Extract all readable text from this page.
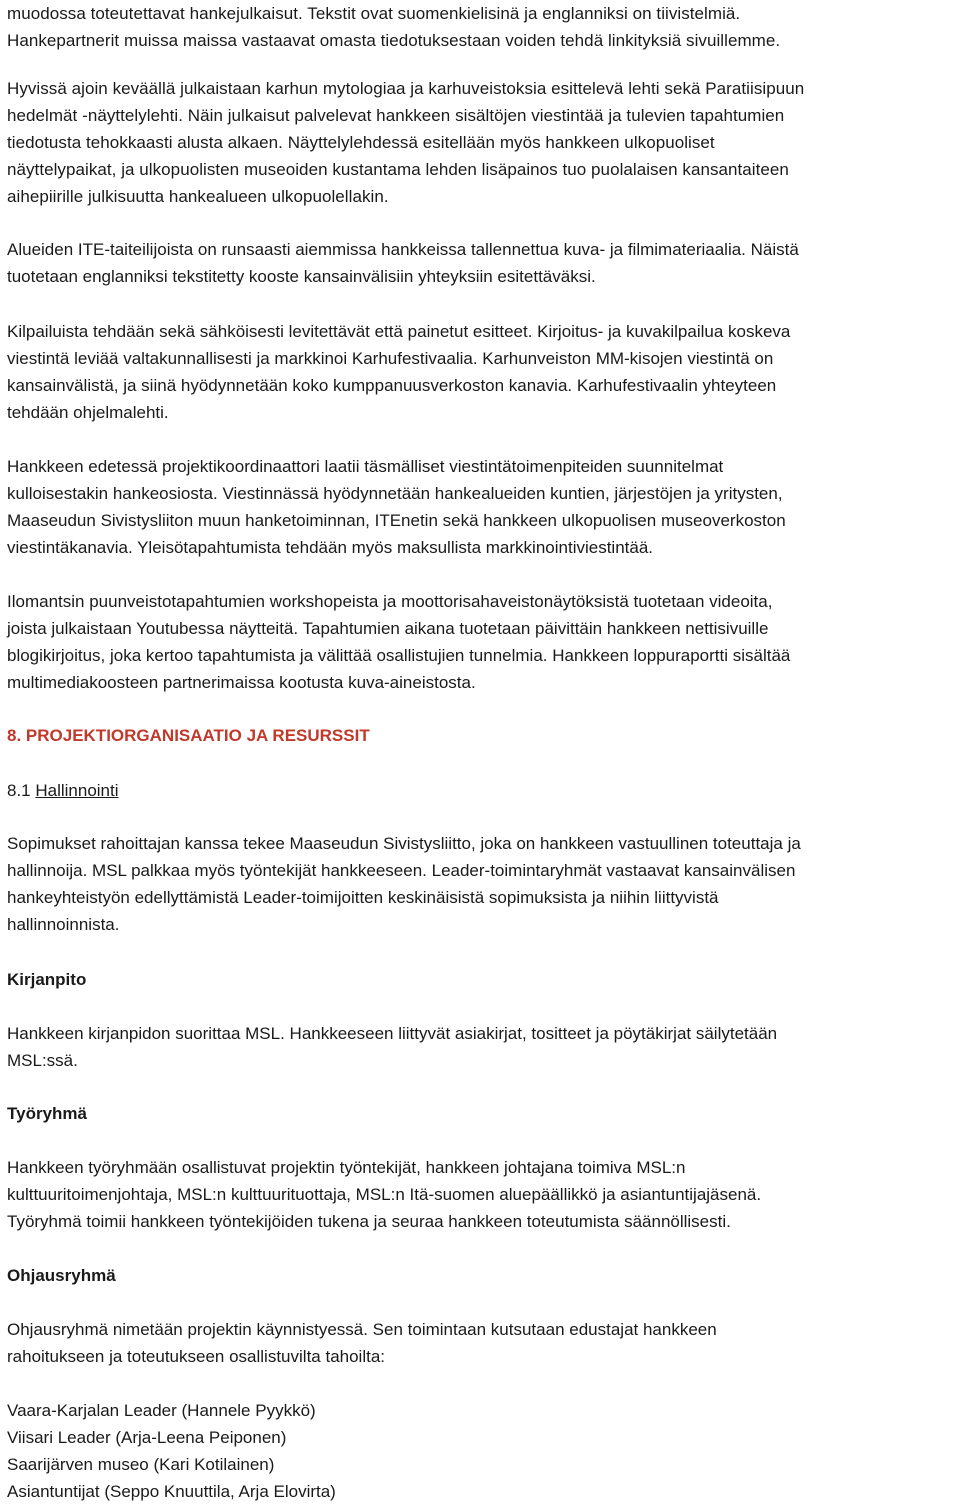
muodossa toteutettavat hankejulkaisut. Tekstit ovat suomenkielisinä ja englanniksi on tiivistelmiä.
Hankepartnerit muissa maissa vastaavat omasta tiedotuksestaan voiden tehdä linkityksiä sivuillemme.
Hyvissä ajoin keväällä julkaistaan karhun mytologiaa ja karhuveistoksia esittelevä lehti sekä Paratiisipuun
hedelmät -näyttelylehti. Näin julkaisut palvelevat hankkeen sisältöjen viestintää ja tulevien tapahtumien
tiedotusta tehokkaasti alusta alkaen. Näyttelylehdessä esitellään myös hankkeen ulkopuoliset
näyttelypaikat, ja ulkopuolisten museoiden kustantama lehden lisäpainos tuo puolalaisen kansantaiteen
aihepiirille julkisuutta hankealueen ulkopuolellakin.
Alueiden ITE-taiteilijoista on runsaasti aiemmissa hankkeissa tallennettua kuva- ja filmimateriaalia. Näistä
tuotetaan englanniksi tekstitetty kooste kansainvälisiin yhteyksiin esitettäväksi.
Kilpailuista tehdään sekä sähköisesti levitettävät että painetut esitteet. Kirjoitus- ja kuvakilpailua koskeva
viestintä leviää valtakunnallisesti ja markkinoi Karhufestivaalia. Karhunveiston MM-kisojen viestintä on
kansainvälistä, ja siinä hyödynnetään koko kumppanuusverkoston kanavia. Karhufestivaalin yhteyteen
tehdään ohjelmalehti.
Hankkeen edetessä projektikoordinaattori laatii täsmälliset viestintätoimenpiteiden suunnitelmat
kulloisestakin hankeosiosta. Viestinnässä hyödynnetään hankealueiden kuntien, järjestöjen ja yritysten,
Maaseudun Sivistysliiton muun hanketoiminnan, ITEnetin sekä hankkeen ulkopuolisen museoverkoston
viestintäkanavia. Yleisötapahtumista tehdään myös maksullista markkinointiviestintää.
Ilomantsin puunveistotapahtumien workshopeista ja moottorisahaveistonäytöksistä tuotetaan videoita,
joista julkaistaan Youtubessa näytteitä. Tapahtumien aikana tuotetaan päivittäin hankkeen nettisivuille
blogikirjoitus, joka kertoo tapahtumista ja välittää osallistujien tunnelmia. Hankkeen loppuraportti sisältää
multimediakoosteen partnerimaissa kootusta kuva-aineistosta.
8. PROJEKTIORGANISAATIO JA RESURSSIT
8.1 Hallinnointi
Sopimukset rahoittajan kanssa tekee Maaseudun Sivistysliitto, joka on hankkeen vastuullinen toteuttaja ja
hallinnoija. MSL palkkaa myös työntekijät hankkeeseen. Leader-toimintaryhmät vastaavat kansainvälisen
hankeyhteistyön edellyttämistä Leader-toimijoitten keskinäisistä sopimuksista ja niihin liittyvistä
hallinnoinnista.
Kirjanpito
Hankkeen kirjanpidon suorittaa MSL. Hankkeeseen liittyvät asiakirjat, tositteet ja pöytäkirjat säilytetään
MSL:ssä.
Työryhmä
Hankkeen työryhmään osallistuvat projektin työntekijät, hankkeen johtajana toimiva MSL:n
kulttuuritoimenjohtaja, MSL:n kulttuurituottaja, MSL:n Itä-suomen aluepäällikkö ja asiantuntijajäsenä.
Työryhmä toimii hankkeen työntekijöiden tukena ja seuraa hankkeen toteutumista säännöllisesti.
Ohjausryhmä
Ohjausryhmä nimetään projektin käynnistyessä. Sen toimintaan kutsutaan edustajat hankkeen
rahoitukseen ja toteutukseen osallistuvilta tahoilta:
Vaara-Karjalan Leader (Hannele Pyykkö)
Viisari Leader (Arja-Leena Peiponen)
Saarijärven museo (Kari Kotilainen)
Asiantuntijat (Seppo Knuuttila, Arja Elovirta)
